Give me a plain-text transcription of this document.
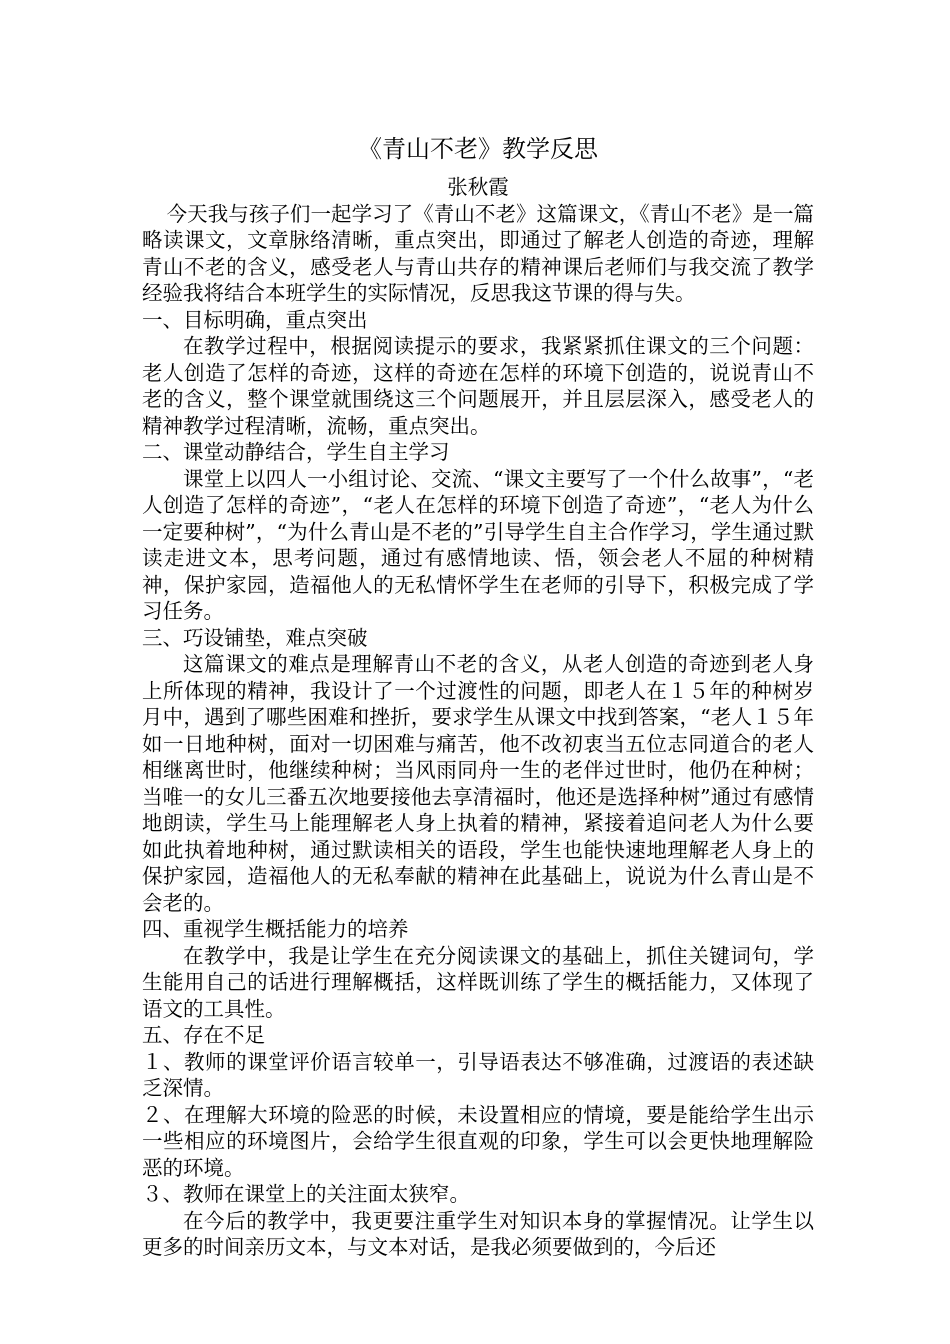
《青山不老》教学反思
张秋霞

今天我与孩子们一起学习了《青山不老》这篇课文，《青山不老》是一篇略读课文，文章脉络清晰，重点突出，即通过了解老人创造的奇迹，理解青山不老的含义，感受老人与青山共存的精神课后老师们与我交流了教学经验我将结合本班学生的实际情况，反思我这节课的得与失。

一、目标明确，重点突出

在教学过程中，根据阅读提示的要求，我紧紧抓住课文的三个问题：老人创造了怎样的奇迹，这样的奇迹在怎样的环境下创造的，说说青山不老的含义，整个课堂就围绕这三个问题展开，并且层层深入，感受老人的精神教学过程清晰，流畅，重点突出。

二、课堂动静结合，学生自主学习

课堂上以四人一小组讨论、交流、“课文主要写了一个什么故事”，“老人创造了怎样的奇迹”，“老人在怎样的环境下创造了奇迹”，“老人为什么一定要种树”，“为什么青山是不老的”引导学生自主合作学习，学生通过默读走进文本，思考问题，通过有感情地读、悟，领会老人不屈的种树精神，保护家园，造福他人的无私情怀学生在老师的引导下，积极完成了学习任务。

三、巧设铺垫，难点突破

这篇课文的难点是理解青山不老的含义，从老人创造的奇迹到老人身上所体现的精神，我设计了一个过渡性的问题，即老人在１５年的种树岁月中，遇到了哪些困难和挫折，要求学生从课文中找到答案，“老人１５年如一日地种树，面对一切困难与痛苦，他不改初衷当五位志同道合的老人相继离世时，他继续种树；当风雨同舟一生的老伴过世时，他仍在种树；当唯一的女儿三番五次地要接他去享清福时，他还是选择种树”通过有感情地朗读，学生马上能理解老人身上执着的精神，紧接着追问老人为什么要如此执着地种树，通过默读相关的语段，学生也能快速地理解老人身上的保护家园，造福他人的无私奉献的精神在此基础上，说说为什么青山是不会老的。

四、重视学生概括能力的培养

在教学中，我是让学生在充分阅读课文的基础上，抓住关键词句，学生能用自己的话进行理解概括，这样既训练了学生的概括能力，又体现了语文的工具性。

五、存在不足

１、教师的课堂评价语言较单一，引导语表达不够准确，过渡语的表述缺乏深情。

２、在理解大环境的险恶的时候，未设置相应的情境，要是能给学生出示一些相应的环境图片，会给学生很直观的印象，学生可以会更快地理解险恶的环境。

３、教师在课堂上的关注面太狭窄。

在今后的教学中，我更要注重学生对知识本身的掌握情况。让学生以更多的时间亲历文本，与文本对话，是我必须要做到的，今后还
